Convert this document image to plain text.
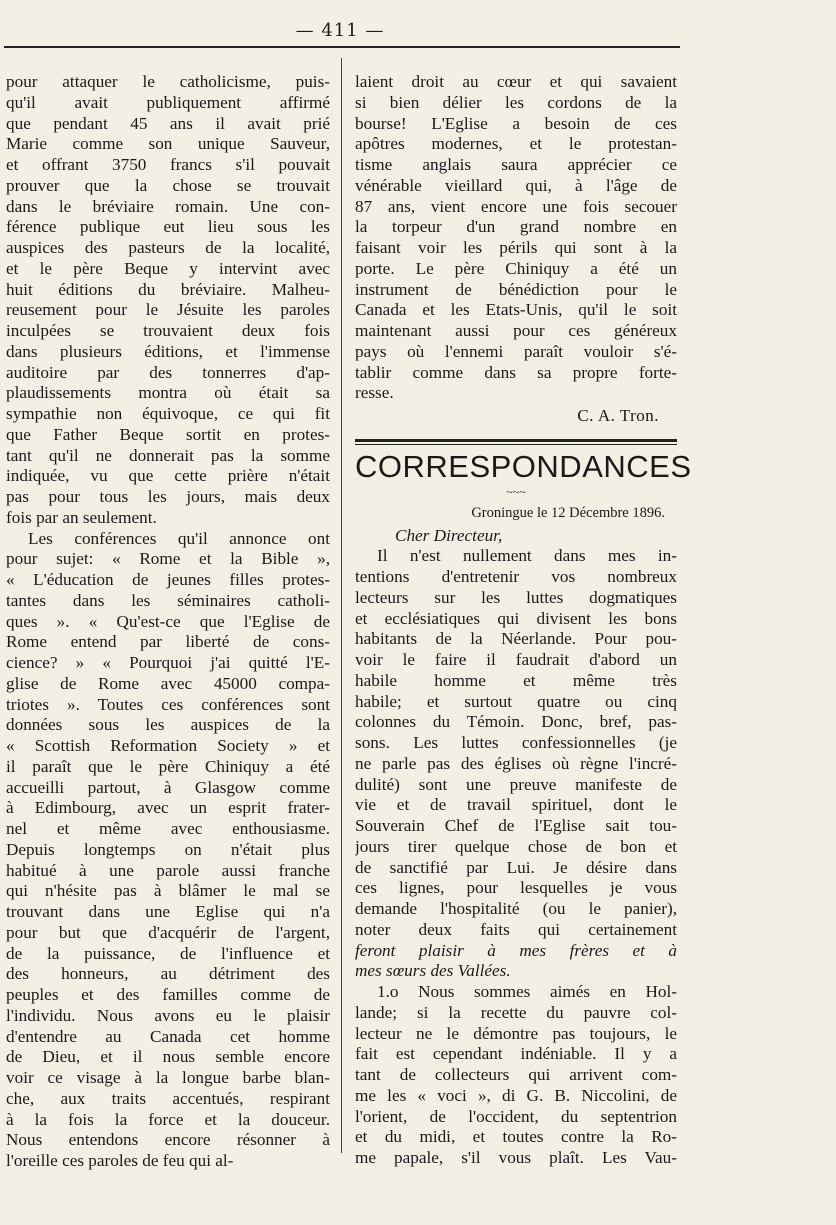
— 411 —
pour attaquer le catholicisme, puis-
qu'il avait publiquement affirmé
que pendant 45 ans il avait prié
Marie comme son unique Sauveur,
et offrant 3750 francs s'il pouvait
prouver que la chose se trouvait
dans le bréviaire romain. Une con-
férence publique eut lieu sous les
auspices des pasteurs de la localité,
et le père Beque y intervint avec
huit éditions du bréviaire. Malheu-
reusement pour le Jésuite les paroles
inculpées se trouvaient deux fois
dans plusieurs éditions, et l'immense
auditoire par des tonnerres d'ap-
plaudissements montra où était sa
sympathie non équivoque, ce qui fit
que Father Beque sortit en protes-
tant qu'il ne donnerait pas la somme
indiquée, vu que cette prière n'était
pas pour tous les jours, mais deux
fois par an seulement.
Les conférences qu'il annonce ont
pour sujet: « Rome et la Bible »,
« L'éducation de jeunes filles protes-
tantes dans les séminaires catholi-
ques ». « Qu'est-ce que l'Eglise de
Rome entend par liberté de cons-
cience? » « Pourquoi j'ai quitté l'E-
glise de Rome avec 45000 compa-
triotes ». Toutes ces conférences sont
données sous les auspices de la
« Scottish Reformation Society » et
il paraît que le père Chiniquy a été
accueilli partout, à Glasgow comme
à Edimbourg, avec un esprit frater-
nel et même avec enthousiasme.
Depuis longtemps on n'était plus
habitué à une parole aussi franche
qui n'hésite pas à blâmer le mal se
trouvant dans une Eglise qui n'a
pour but que d'acquérir de l'argent,
de la puissance, de l'influence et
des honneurs, au détriment des
peuples et des familles comme de
l'individu. Nous avons eu le plaisir
d'entendre au Canada cet homme
de Dieu, et il nous semble encore
voir ce visage à la longue barbe blan-
che, aux traits accentués, respirant
à la fois la force et la douceur.
Nous entendons encore résonner à
l'oreille ces paroles de feu qui al-
laient droit au cœur et qui savaient
si bien délier les cordons de la
bourse! L'Eglise a besoin de ces
apôtres modernes, et le protestan-
tisme anglais saura apprécier ce
vénérable vieillard qui, à l'âge de
87 ans, vient encore une fois secouer
la torpeur d'un grand nombre en
faisant voir les périls qui sont à la
porte. Le père Chiniquy a été un
instrument de bénédiction pour le
Canada et les Etats-Unis, qu'il le soit
maintenant aussi pour ces généreux
pays où l'ennemi paraît vouloir s'é-
tablir comme dans sa propre forte-
resse.
C. A. Tron.
CORRESPONDANCES
~~~
Groningue le 12 Décembre 1896.
Cher Directeur,
Il n'est nullement dans mes in-
tentions d'entretenir vos nombreux
lecteurs sur les luttes dogmatiques
et ecclésiatiques qui divisent les bons
habitants de la Néerlande. Pour pou-
voir le faire il faudrait d'abord un
habile homme et même très
habile; et surtout quatre ou cinq
colonnes du Témoin. Donc, bref, pas-
sons. Les luttes confessionnelles (je
ne parle pas des églises où règne l'incré-
dulité) sont une preuve manifeste de
vie et de travail spirituel, dont le
Souverain Chef de l'Eglise sait tou-
jours tirer quelque chose de bon et
de sanctifié par Lui. Je désire dans
ces lignes, pour lesquelles je vous
demande l'hospitalité (ou le panier),
noter deux faits qui certainement
feront plaisir à mes frères et à
mes sœurs des Vallées.
1.o Nous sommes aimés en Hol-
lande; si la recette du pauvre col-
lecteur ne le démontre pas toujours, le
fait est cependant indéniable. Il y a
tant de collecteurs qui arrivent com-
me les « voci », di G. B. Niccolini, de
l'orient, de l'occident, du septentrion
et du midi, et toutes contre la Ro-
me papale, s'il vous plaît. Les Vau-
